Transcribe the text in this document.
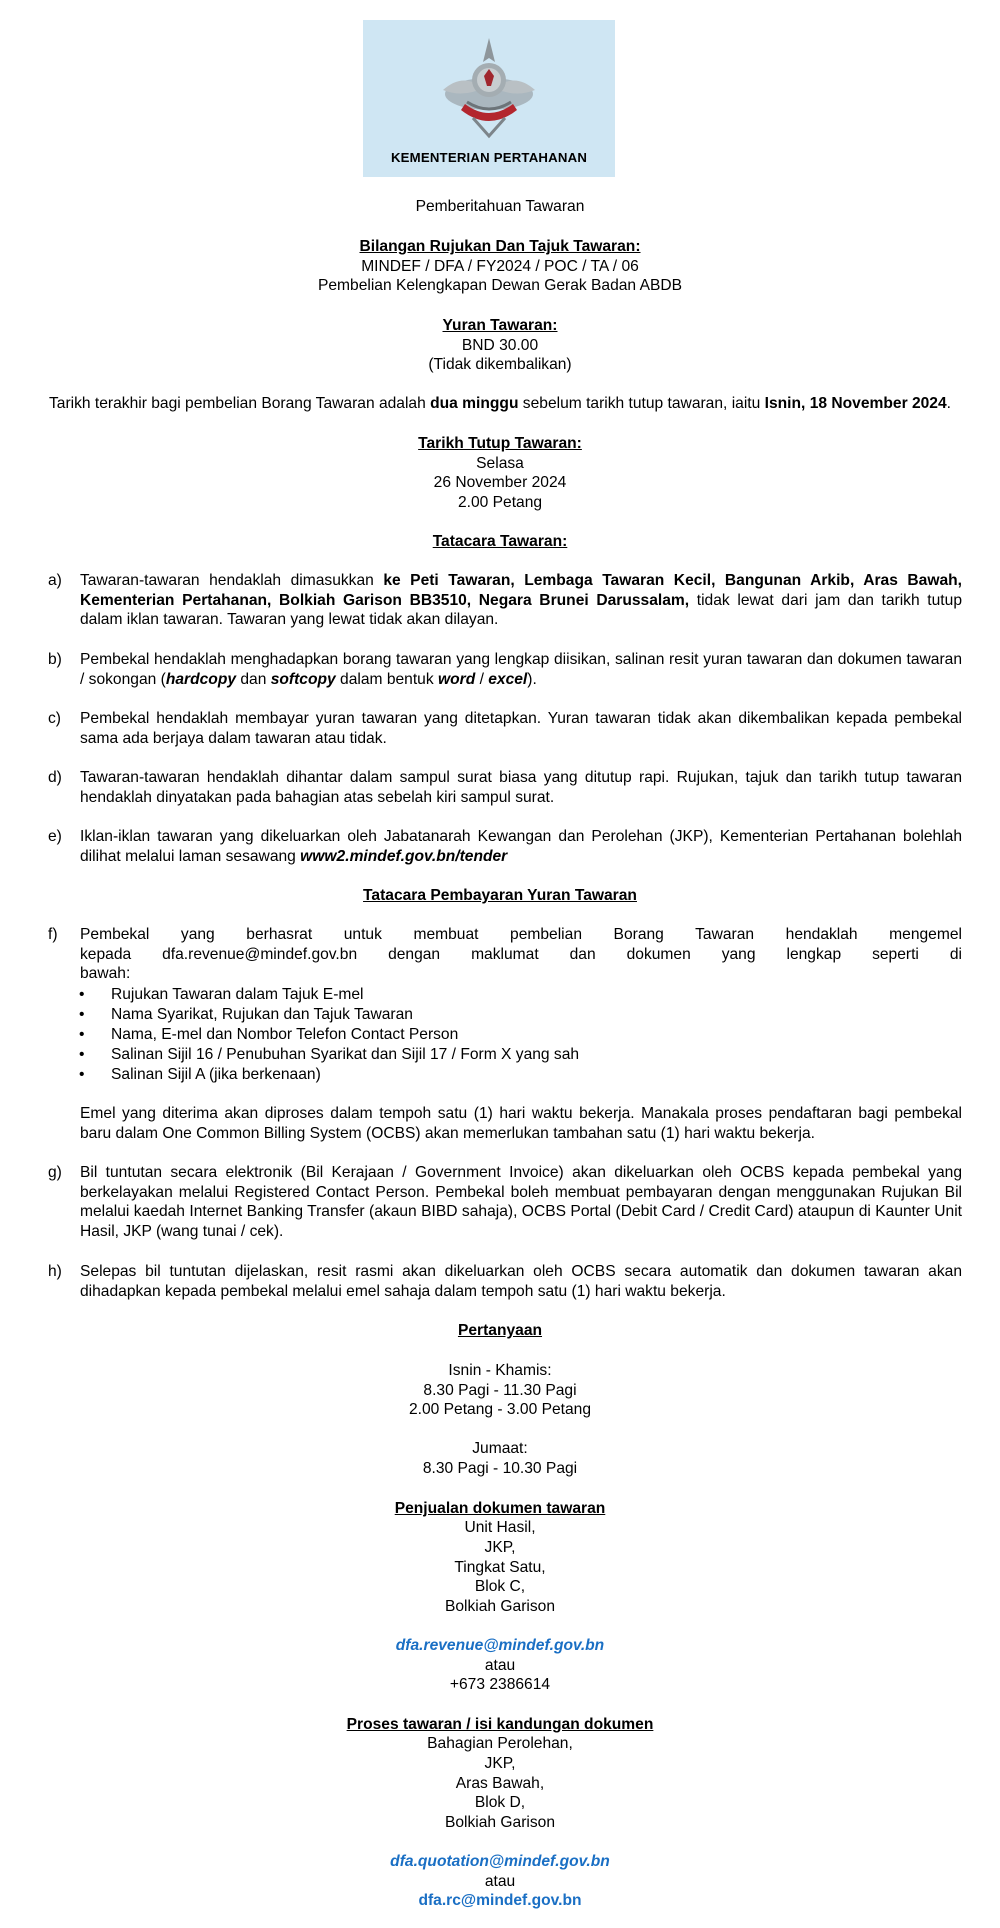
KEMENTERIAN PERTAHANAN
Pemberitahuan Tawaran
Bilangan Rujukan Dan Tajuk Tawaran:
MINDEF / DFA / FY2024 / POC / TA / 06
Pembelian Kelengkapan Dewan Gerak Badan ABDB
Yuran Tawaran:
BND 30.00
(Tidak dikembalikan)
Tarikh terakhir bagi pembelian Borang Tawaran adalah dua minggu sebelum tarikh tutup tawaran, iaitu Isnin, 18 November 2024.
Tarikh Tutup Tawaran:
Selasa
26 November 2024
2.00 Petang
Tatacara Tawaran:
a) Tawaran-tawaran hendaklah dimasukkan ke Peti Tawaran, Lembaga Tawaran Kecil, Bangunan Arkib, Aras Bawah, Kementerian Pertahanan, Bolkiah Garison BB3510, Negara Brunei Darussalam, tidak lewat dari jam dan tarikh tutup dalam iklan tawaran. Tawaran yang lewat tidak akan dilayan.
b) Pembekal hendaklah menghadapkan borang tawaran yang lengkap diisikan, salinan resit yuran tawaran dan dokumen tawaran / sokongan (hardcopy dan softcopy dalam bentuk word / excel).
c) Pembekal hendaklah membayar yuran tawaran yang ditetapkan. Yuran tawaran tidak akan dikembalikan kepada pembekal sama ada berjaya dalam tawaran atau tidak.
d) Tawaran-tawaran hendaklah dihantar dalam sampul surat biasa yang ditutup rapi. Rujukan, tajuk dan tarikh tutup tawaran hendaklah dinyatakan pada bahagian atas sebelah kiri sampul surat.
e) Iklan-iklan tawaran yang dikeluarkan oleh Jabatanarah Kewangan dan Perolehan (JKP), Kementerian Pertahanan bolehlah dilihat melalui laman sesawang www2.mindef.gov.bn/tender
Tatacara Pembayaran Yuran Tawaran
f) Pembekal yang berhasrat untuk membuat pembelian Borang Tawaran hendaklah mengemel kepada dfa.revenue@mindef.gov.bn dengan maklumat dan dokumen yang lengkap seperti di bawah:
• Rujukan Tawaran dalam Tajuk E-mel
• Nama Syarikat, Rujukan dan Tajuk Tawaran
• Nama, E-mel dan Nombor Telefon Contact Person
• Salinan Sijil 16 / Penubuhan Syarikat dan Sijil 17 / Form X yang sah
• Salinan Sijil A (jika berkenaan)
Emel yang diterima akan diproses dalam tempoh satu (1) hari waktu bekerja. Manakala proses pendaftaran bagi pembekal baru dalam One Common Billing System (OCBS) akan memerlukan tambahan satu (1) hari waktu bekerja.
g) Bil tuntutan secara elektronik (Bil Kerajaan / Government Invoice) akan dikeluarkan oleh OCBS kepada pembekal yang berkelayakan melalui Registered Contact Person. Pembekal boleh membuat pembayaran dengan menggunakan Rujukan Bil melalui kaedah Internet Banking Transfer (akaun BIBD sahaja), OCBS Portal (Debit Card / Credit Card) ataupun di Kaunter Unit Hasil, JKP (wang tunai / cek).
h) Selepas bil tuntutan dijelaskan, resit rasmi akan dikeluarkan oleh OCBS secara automatik dan dokumen tawaran akan dihadapkan kepada pembekal melalui emel sahaja dalam tempoh satu (1) hari waktu bekerja.
Pertanyaan
Isnin - Khamis:
8.30 Pagi - 11.30 Pagi
2.00 Petang - 3.00 Petang
Jumaat:
8.30 Pagi - 10.30 Pagi
Penjualan dokumen tawaran
Unit Hasil,
JKP,
Tingkat Satu,
Blok C,
Bolkiah Garison
dfa.revenue@mindef.gov.bn
atau
+673 2386614
Proses tawaran / isi kandungan dokumen
Bahagian Perolehan,
JKP,
Aras Bawah,
Blok D,
Bolkiah Garison
dfa.quotation@mindef.gov.bn
atau
dfa.rc@mindef.gov.bn
